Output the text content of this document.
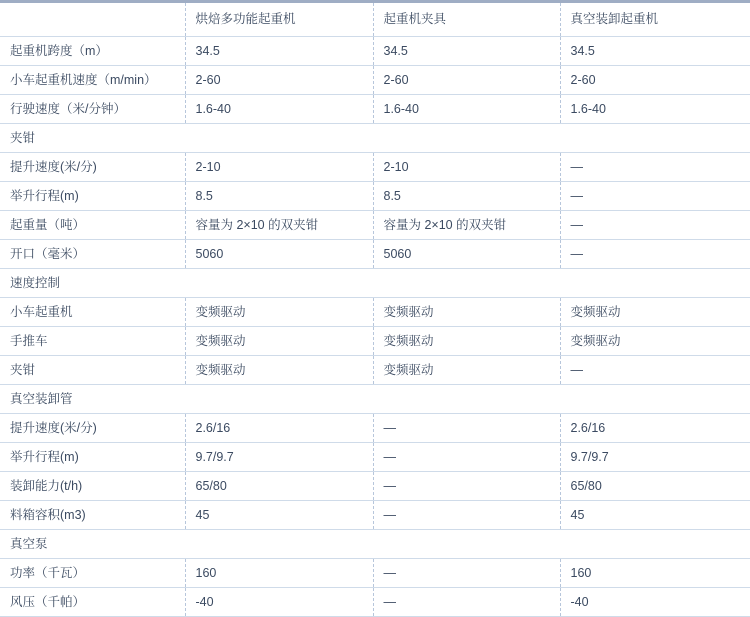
	烘焙多功能起重机	起重机夹具	真空装卸起重机
起重机跨度（m）	34.5	34.5	34.5
小车起重机速度（m/min）	2-60	2-60	2-60
行驶速度（米/分钟）	1.6-40	1.6-40	1.6-40
夹钳			
提升速度(米/分)	2-10	2-10	—
举升行程(m)	8.5	8.5	—
起重量（吨）	容量为 2×10 的双夹钳	容量为 2×10 的双夹钳	—
开口（毫米）	5060	5060	—
速度控制			
小车起重机	变频驱动	变频驱动	变频驱动
手推车	变频驱动	变频驱动	变频驱动
夹钳	变频驱动	变频驱动	—
真空装卸管			
提升速度(米/分)	2.6/16	—	2.6/16
举升行程(m)	9.7/9.7	—	9.7/9.7
装卸能力(t/h)	65/80	—	65/80
料箱容积(m3)	45	—	45
真空泵			
功率（千瓦）	160	—	160
风压（千帕）	-40	—	-40
